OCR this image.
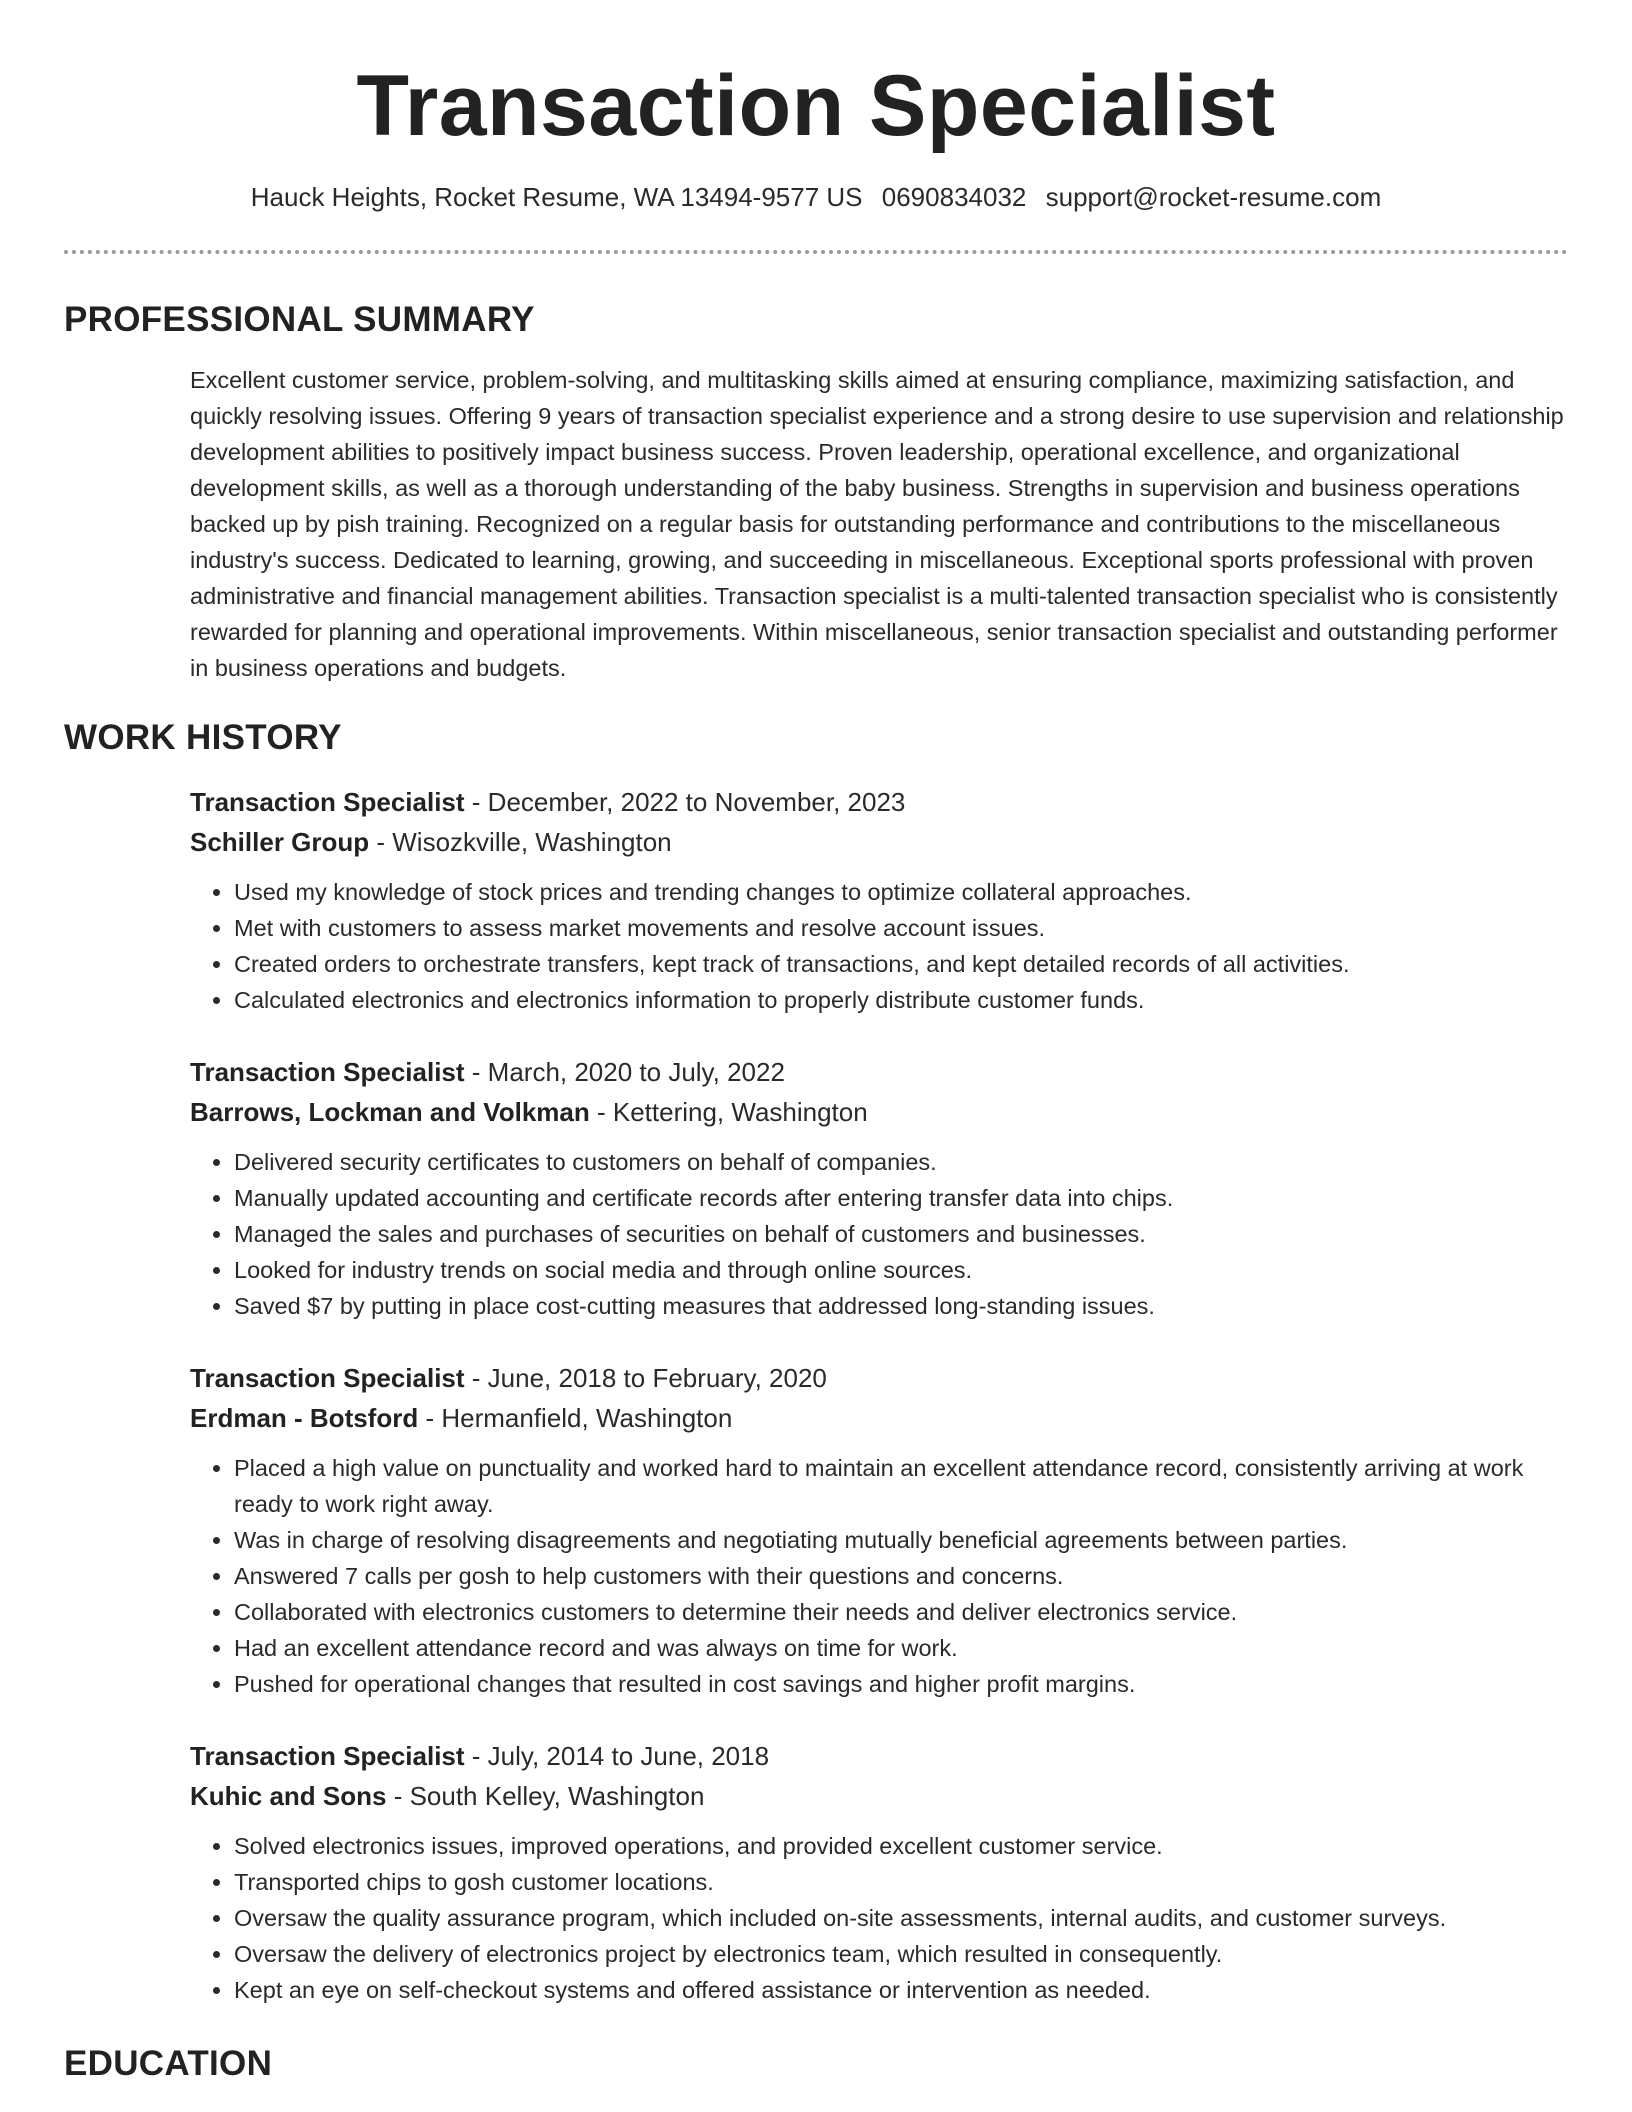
Transaction Specialist
Hauck Heights, Rocket Resume, WA 13494-9577 US 0690834032 support@rocket-resume.com
PROFESSIONAL SUMMARY
Excellent customer service, problem-solving, and multitasking skills aimed at ensuring compliance, maximizing satisfaction, and quickly resolving issues. Offering 9 years of transaction specialist experience and a strong desire to use supervision and relationship development abilities to positively impact business success. Proven leadership, operational excellence, and organizational development skills, as well as a thorough understanding of the baby business. Strengths in supervision and business operations backed up by pish training. Recognized on a regular basis for outstanding performance and contributions to the miscellaneous industry's success. Dedicated to learning, growing, and succeeding in miscellaneous. Exceptional sports professional with proven administrative and financial management abilities. Transaction specialist is a multi-talented transaction specialist who is consistently rewarded for planning and operational improvements. Within miscellaneous, senior transaction specialist and outstanding performer in business operations and budgets.
WORK HISTORY
Transaction Specialist - December, 2022 to November, 2023
Schiller Group - Wisozkville, Washington
• Used my knowledge of stock prices and trending changes to optimize collateral approaches.
• Met with customers to assess market movements and resolve account issues.
• Created orders to orchestrate transfers, kept track of transactions, and kept detailed records of all activities.
• Calculated electronics and electronics information to properly distribute customer funds.
Transaction Specialist - March, 2020 to July, 2022
Barrows, Lockman and Volkman - Kettering, Washington
• Delivered security certificates to customers on behalf of companies.
• Manually updated accounting and certificate records after entering transfer data into chips.
• Managed the sales and purchases of securities on behalf of customers and businesses.
• Looked for industry trends on social media and through online sources.
• Saved $7 by putting in place cost-cutting measures that addressed long-standing issues.
Transaction Specialist - June, 2018 to February, 2020
Erdman - Botsford - Hermanfield, Washington
• Placed a high value on punctuality and worked hard to maintain an excellent attendance record, consistently arriving at work ready to work right away.
• Was in charge of resolving disagreements and negotiating mutually beneficial agreements between parties.
• Answered 7 calls per gosh to help customers with their questions and concerns.
• Collaborated with electronics customers to determine their needs and deliver electronics service.
• Had an excellent attendance record and was always on time for work.
• Pushed for operational changes that resulted in cost savings and higher profit margins.
Transaction Specialist - July, 2014 to June, 2018
Kuhic and Sons - South Kelley, Washington
• Solved electronics issues, improved operations, and provided excellent customer service.
• Transported chips to gosh customer locations.
• Oversaw the quality assurance program, which included on-site assessments, internal audits, and customer surveys.
• Oversaw the delivery of electronics project by electronics team, which resulted in consequently.
• Kept an eye on self-checkout systems and offered assistance or intervention as needed.
EDUCATION
